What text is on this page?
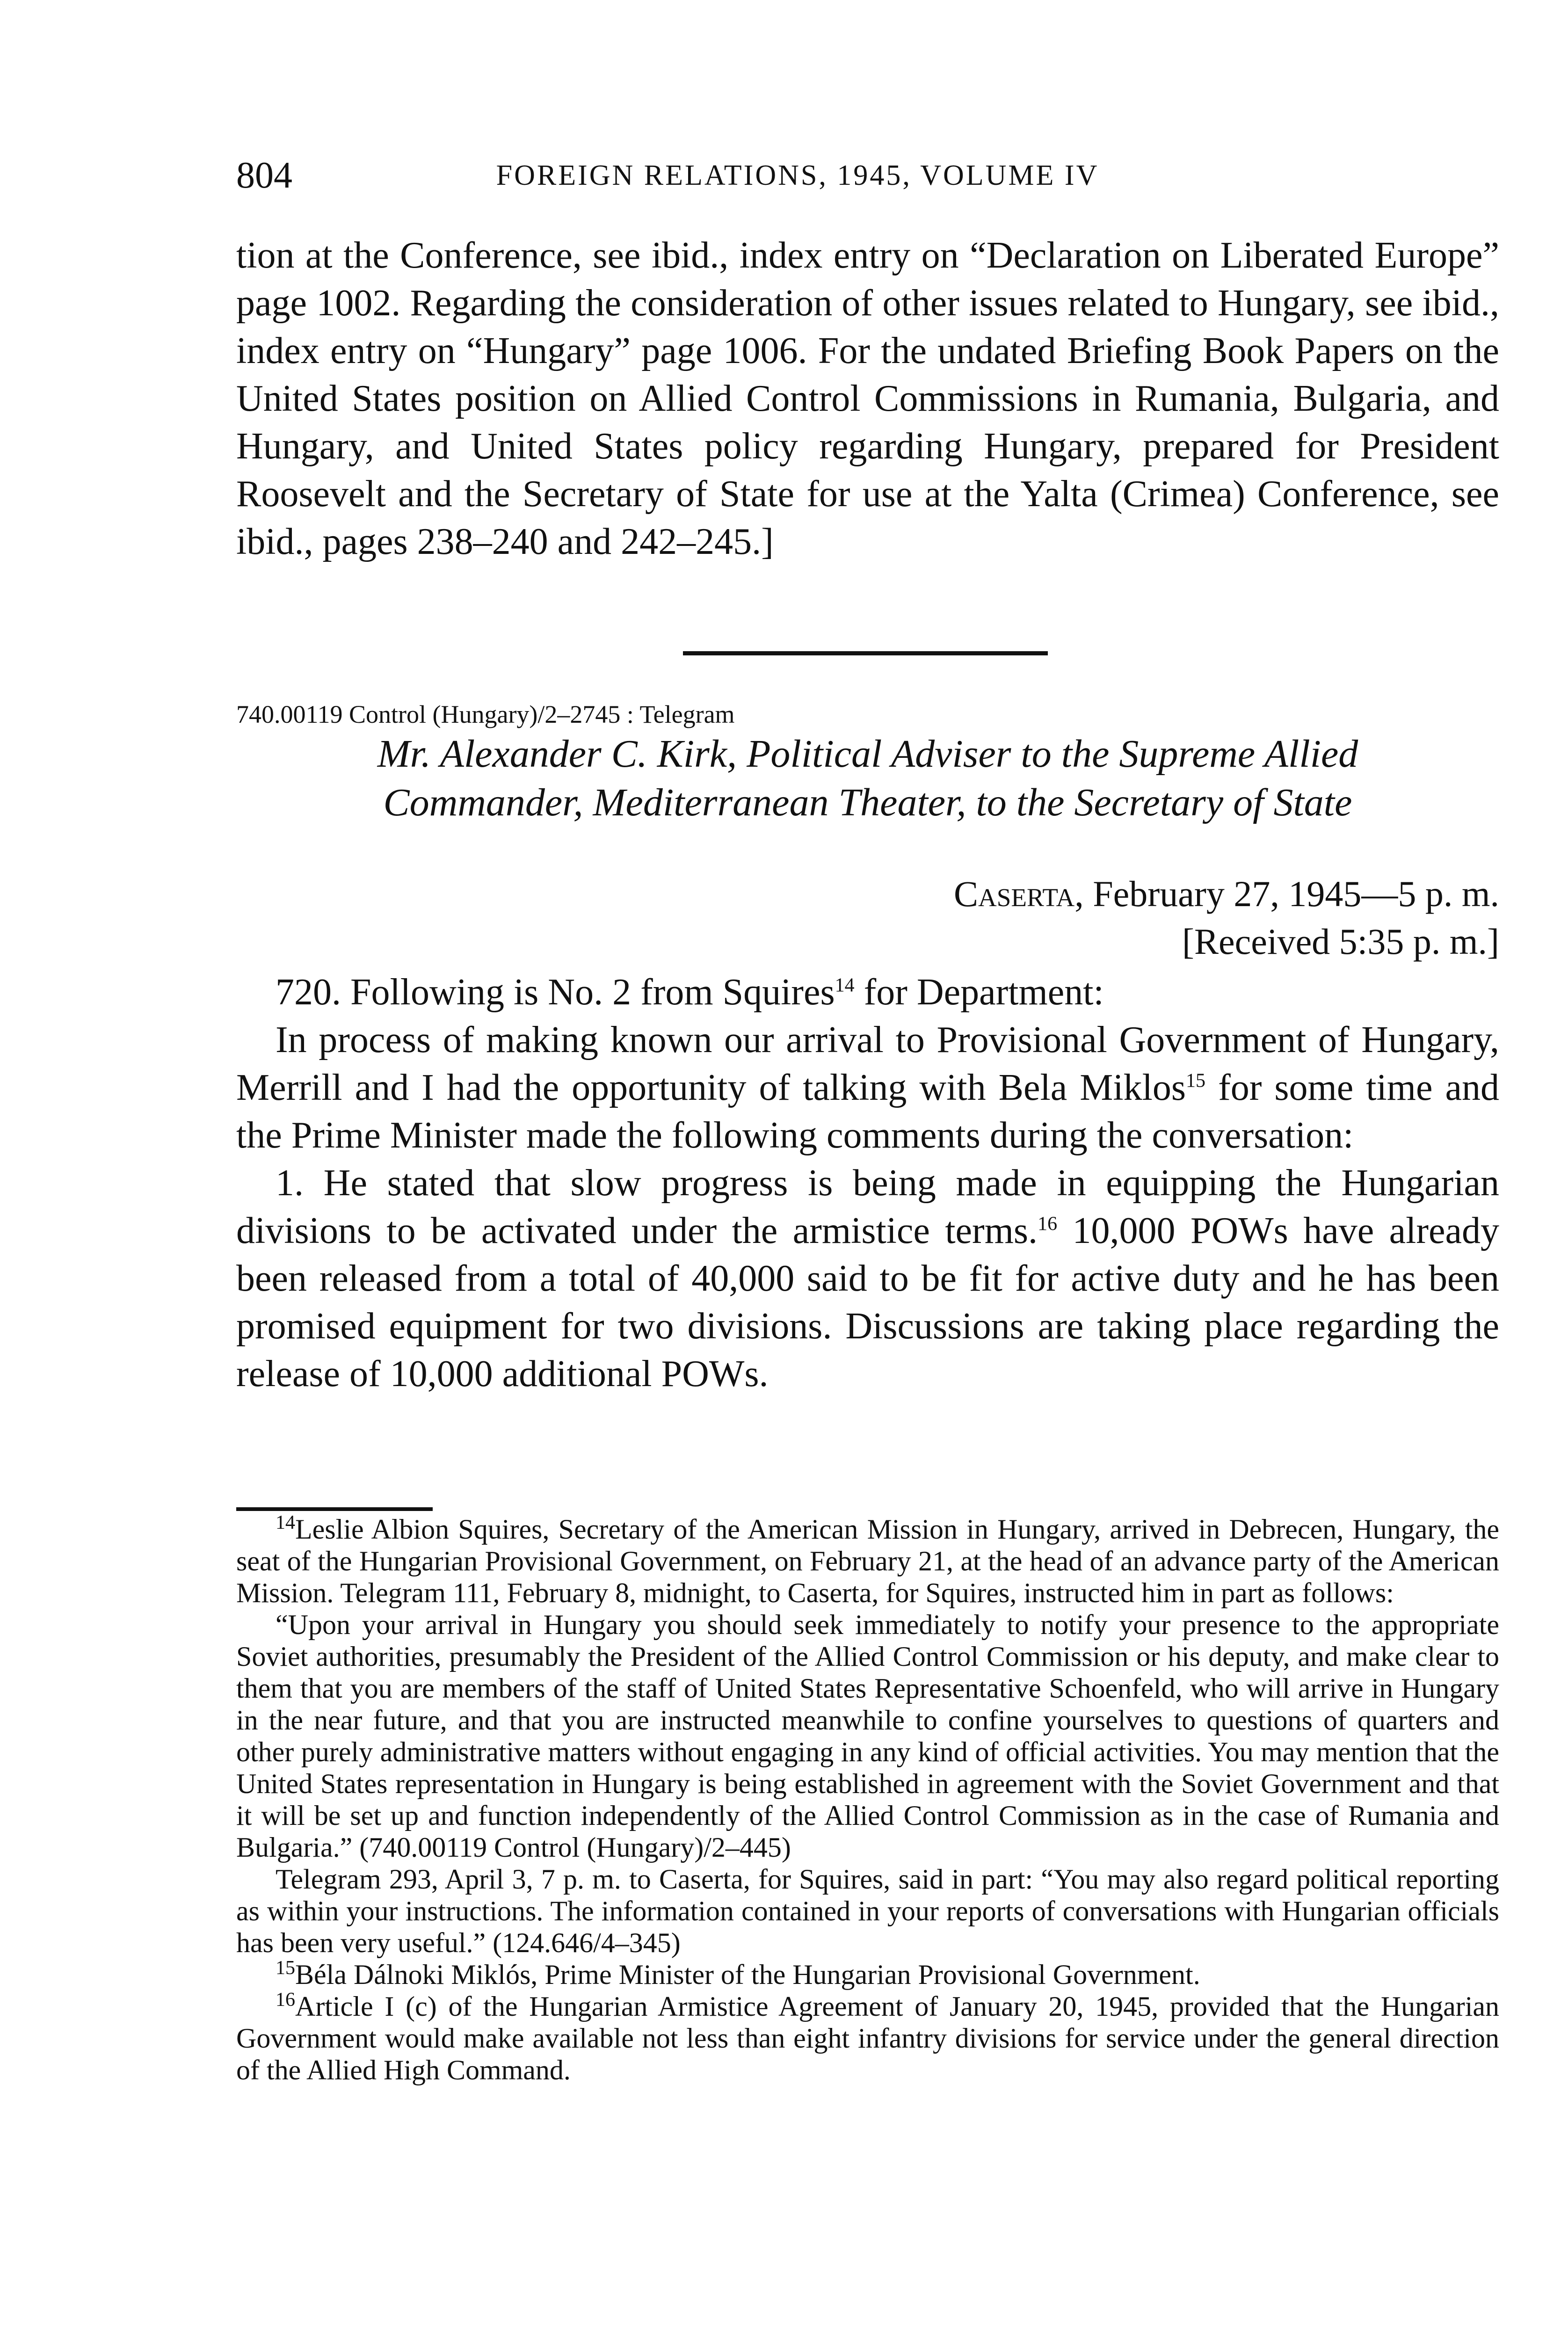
804	FOREIGN RELATIONS, 1945, VOLUME IV
tion at the Conference, see ibid., index entry on “Declaration on Liberated Europe” page 1002. Regarding the consideration of other issues related to Hungary, see ibid., index entry on “Hungary” page 1006. For the undated Briefing Book Papers on the United States position on Allied Control Commissions in Rumania, Bulgaria, and Hungary, and United States policy regarding Hungary, prepared for President Roosevelt and the Secretary of State for use at the Yalta (Crimea) Conference, see ibid., pages 238–240 and 242–245.]
740.00119 Control (Hungary)/2–2745 : Telegram
Mr. Alexander C. Kirk, Political Adviser to the Supreme Allied
Commander, Mediterranean Theater, to the Secretary of State
Caserta, February 27, 1945—5 p. m.
[Received 5:35 p. m.]

720. Following is No. 2 from Squires$^{14}$ for Department:

In process of making known our arrival to Provisional Government of Hungary, Merrill and I had the opportunity of talking with Bela Miklos$^{15}$ for some time and the Prime Minister made the following comments during the conversation:

1. He stated that slow progress is being made in equipping the Hungarian divisions to be activated under the armistice terms.$^{16}$ 10,000 POWs have already been released from a total of 40,000 said to be fit for active duty and he has been promised equipment for two divisions. Discussions are taking place regarding the release of 10,000 additional POWs.

$^{14}$Leslie Albion Squires, Secretary of the American Mission in Hungary, arrived in Debrecen, Hungary, the seat of the Hungarian Provisional Government, on February 21, at the head of an advance party of the American Mission. Telegram 111, February 8, midnight, to Caserta, for Squires, instructed him in part as follows:

“Upon your arrival in Hungary you should seek immediately to notify your presence to the appropriate Soviet authorities, presumably the President of the Allied Control Commission or his deputy, and make clear to them that you are members of the staff of United States Representative Schoenfeld, who will arrive in Hungary in the near future, and that you are instructed meanwhile to confine yourselves to questions of quarters and other purely administrative matters without engaging in any kind of official activities. You may mention that the United States representation in Hungary is being established in agreement with the Soviet Government and that it will be set up and function independently of the Allied Control Commission as in the case of Rumania and Bulgaria.” (740.00119 Control (Hungary)/2–445)

Telegram 293, April 3, 7 p. m. to Caserta, for Squires, said in part: “You may also regard political reporting as within your instructions. The information contained in your reports of conversations with Hungarian officials has been very useful.” (124.646/4–345)

$^{15}$Béla Dálnoki Miklós, Prime Minister of the Hungarian Provisional Government.

$^{16}$Article I (c) of the Hungarian Armistice Agreement of January 20, 1945, provided that the Hungarian Government would make available not less than eight infantry divisions for service under the general direction of the Allied High Command.
